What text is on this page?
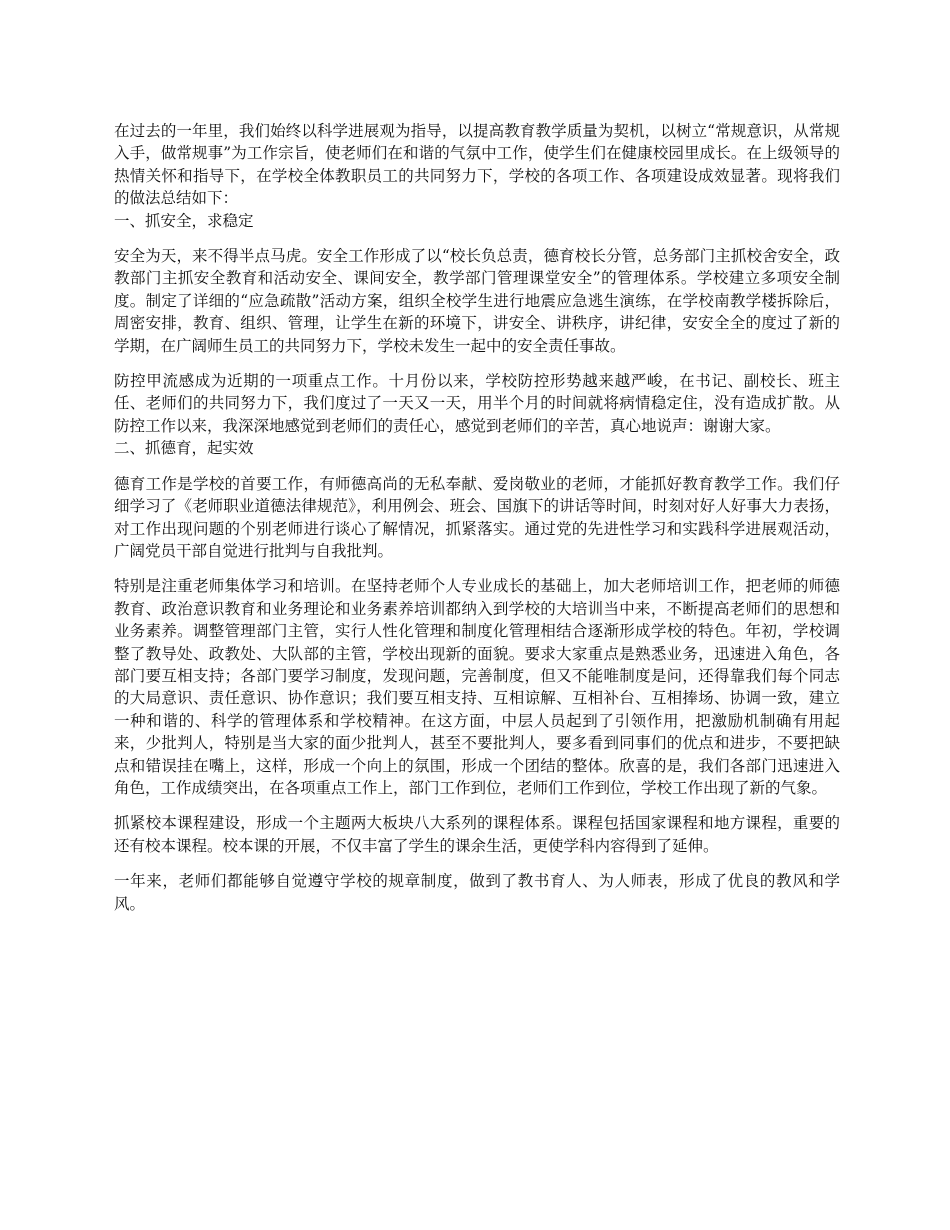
在过去的一年里，我们始终以科学进展观为指导，以提高教育教学质量为契机，以树立“常规意识，从常规入手，做常规事”为工作宗旨，使老师们在和谐的气氛中工作，使学生们在健康校园里成长。在上级领导的热情关怀和指导下，在学校全体教职员工的共同努力下，学校的各项工作、各项建设成效显著。现将我们的做法总结如下：

一、抓安全，求稳定

安全为天，来不得半点马虎。安全工作形成了以“校长负总责，德育校长分管，总务部门主抓校舍安全，政教部门主抓安全教育和活动安全、课间安全，教学部门管理课堂安全”的管理体系。学校建立多项安全制度。制定了详细的“应急疏散”活动方案，组织全校学生进行地震应急逃生演练，在学校南教学楼拆除后，周密安排，教育、组织、管理，让学生在新的环境下，讲安全、讲秩序，讲纪律，安安全全的度过了新的学期，在广阔师生员工的共同努力下，学校未发生一起中的安全责任事故。

防控甲流感成为近期的一项重点工作。十月份以来，学校防控形势越来越严峻，在书记、副校长、班主任、老师们的共同努力下，我们度过了一天又一天，用半个月的时间就将病情稳定住，没有造成扩散。从防控工作以来，我深深地感觉到老师们的责任心，感觉到老师们的辛苦，真心地说声：谢谢大家。

二、抓德育，起实效

德育工作是学校的首要工作，有师德高尚的无私奉献、爱岗敬业的老师，才能抓好教育教学工作。我们仔细学习了《老师职业道德法律规范》，利用例会、班会、国旗下的讲话等时间，时刻对好人好事大力表扬，对工作出现问题的个别老师进行谈心了解情况，抓紧落实。通过党的先进性学习和实践科学进展观活动，广阔党员干部自觉进行批判与自我批判。

特别是注重老师集体学习和培训。在坚持老师个人专业成长的基础上，加大老师培训工作，把老师的师德教育、政治意识教育和业务理论和业务素养培训都纳入到学校的大培训当中来，不断提高老师们的思想和业务素养。调整管理部门主管，实行人性化管理和制度化管理相结合逐渐形成学校的特色。年初，学校调整了教导处、政教处、大队部的主管，学校出现新的面貌。要求大家重点是熟悉业务，迅速进入角色，各部门要互相支持；各部门要学习制度，发现问题，完善制度，但又不能唯制度是问，还得靠我们每个同志的大局意识、责任意识、协作意识；我们要互相支持、互相谅解、互相补台、互相捧场、协调一致，建立一种和谐的、科学的管理体系和学校精神。在这方面，中层人员起到了引领作用，把激励机制确有用起来，少批判人，特别是当大家的面少批判人，甚至不要批判人，要多看到同事们的优点和进步，不要把缺点和错误挂在嘴上，这样，形成一个向上的氛围，形成一个团结的整体。欣喜的是，我们各部门迅速进入角色，工作成绩突出，在各项重点工作上，部门工作到位，老师们工作到位，学校工作出现了新的气象。

抓紧校本课程建设，形成一个主题两大板块八大系列的课程体系。课程包括国家课程和地方课程，重要的还有校本课程。校本课的开展，不仅丰富了学生的课余生活，更使学科内容得到了延伸。

一年来，老师们都能够自觉遵守学校的规章制度，做到了教书育人、为人师表，形成了优良的教风和学风。
